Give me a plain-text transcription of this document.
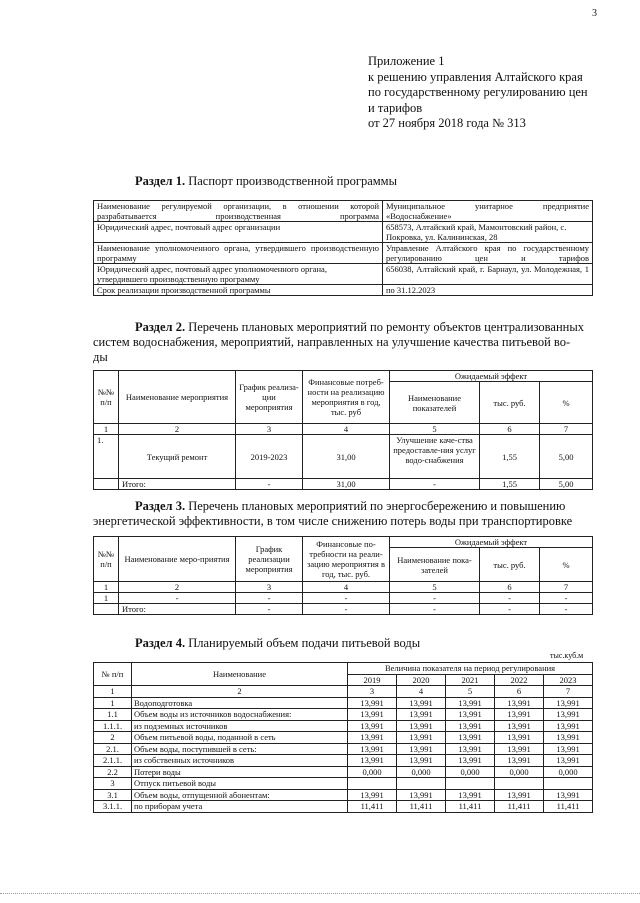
3
Приложение 1
к решению управления Алтайского края
по государственному регулированию цен
и тарифов
от 27 ноября 2018 года № 313
Раздел 1. Паспорт производственной программы
Наименование регулируемой организации, в отношении которой разрабатывается производственная программа	Муниципальное унитарное предприятие «Водоснабжение»
Юридический адрес, почтовый адрес организации	658573, Алтайский край, Мамонтовский район, с. Покровка, ул. Калининская, 28
Наименование уполномоченного органа, утвердившего производственную программу	Управление Алтайского края по государственному регулированию цен и тарифов
Юридический адрес, почтовый адрес уполномоченного органа, утвердившего производственную программу	656038, Алтайский край, г. Барнаул, ул. Молодежная, 1
Срок реализации производственной программы	по 31.12.2023
Раздел 2. Перечень плановых мероприятий по ремонту объектов централизованных
систем водоснабжения, мероприятий, направленных на улучшение качества питьевой во-
ды
№№ п/п	Наименование мероприятия	График реализа-ции мероприятия	Финансовые потреб-ности на реализацию мероприятия в год, тыс. руб	Ожидаемый эффект		
				Наименование показателей	тыс. руб.	%
1	2	3	4	5	6	7
1.	Текущий ремонт	2019-2023	31,00	Улучшение каче-ства предоставле-ния услуг водо-снабжения	1,55	5,00
	Итого:	-	31,00	-	1,55	5,00
Раздел 3. Перечень плановых мероприятий по энергосбережению и повышению
энергетической эффективности, в том числе снижению потерь воды при транспортировке
№№ п/п	Наименование меро-приятия	График реализации мероприятия	Финансовые по-требности на реали-зацию мероприятия в год, тыс. руб.	Ожидаемый эффект		
				Наименование пока-зателей	тыс. руб.	%
1	2	3	4	5	6	7
1	-	-	-	-	-	-
	Итого:	-	-	-	-	-
Раздел 4. Планируемый объем подачи питьевой воды
тыс.куб.м
№ п/п	Наименование	Величина показателя на период регулирования				
		2019	2020	2021	2022	2023
1	2	3	4	5	6	7
1	Водоподготовка	13,991	13,991	13,991	13,991	13,991
1.1	Объем воды из источников водоснабжения:	13,991	13,991	13,991	13,991	13,991
1.1.1.	из подземных источников	13,991	13,991	13,991	13,991	13,991
2	Объем питьевой воды, поданной в сеть	13,991	13,991	13,991	13,991	13,991
2.1.	Объем воды, поступившей в сеть:	13,991	13,991	13,991	13,991	13,991
2.1.1.	из собственных источников	13,991	13,991	13,991	13,991	13,991
2.2	Потери воды	0,000	0,000	0,000	0,000	0,000
3	Отпуск питьевой воды					
3.1	Объем воды, отпущенной абонентам:	13,991	13,991	13,991	13,991	13,991
3.1.1.	по приборам учета	11,411	11,411	11,411	11,411	11,411
